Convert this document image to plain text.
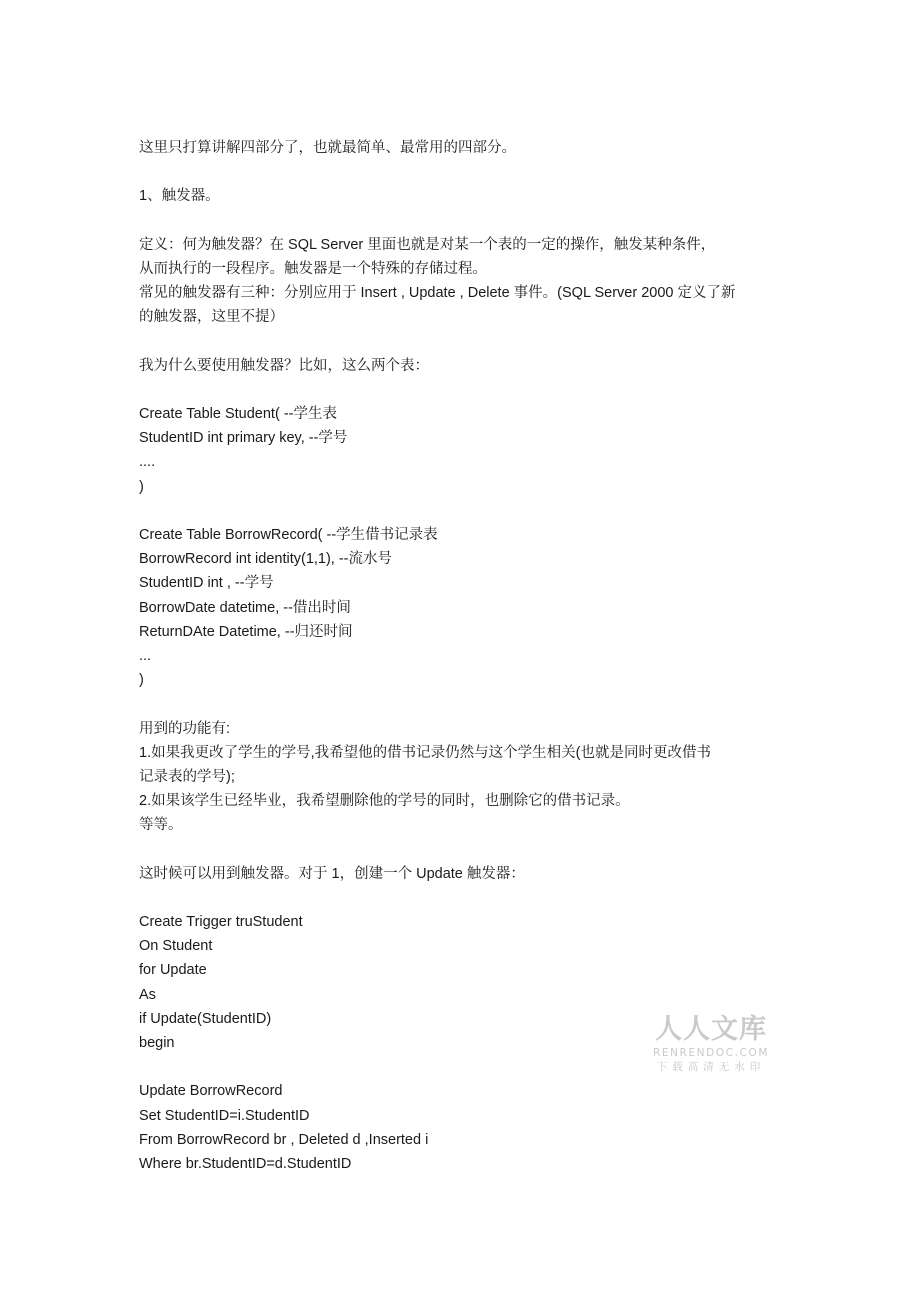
这里只打算讲解四部分了，也就最简单、最常用的四部分。
1、触发器。
定义：何为触发器？在 SQL Server 里面也就是对某一个表的一定的操作，触发某种条件，
从而执行的一段程序。触发器是一个特殊的存储过程。
常见的触发器有三种：分别应用于 Insert , Update , Delete 事件。(SQL Server 2000 定义了新
的触发器，这里不提）
我为什么要使用触发器？比如，这么两个表：
Create Table Student( --学生表
StudentID int primary key, --学号
....
)
Create Table BorrowRecord( --学生借书记录表
BorrowRecord int identity(1,1), --流水号
StudentID int , --学号
BorrowDate datetime, --借出时间
ReturnDAte Datetime, --归还时间
...
)
用到的功能有:
1.如果我更改了学生的学号,我希望他的借书记录仍然与这个学生相关(也就是同时更改借书
记录表的学号);
2.如果该学生已经毕业，我希望删除他的学号的同时，也删除它的借书记录。
等等。
这时候可以用到触发器。对于 1，创建一个 Update 触发器：
Create Trigger truStudent
On Student
for Update
As
if Update(StudentID)
begin
Update BorrowRecord
Set StudentID=i.StudentID
From BorrowRecord br , Deleted d ,Inserted i
Where br.StudentID=d.StudentID
人人文库
RENRENDOC.COM
下载高清无水印
